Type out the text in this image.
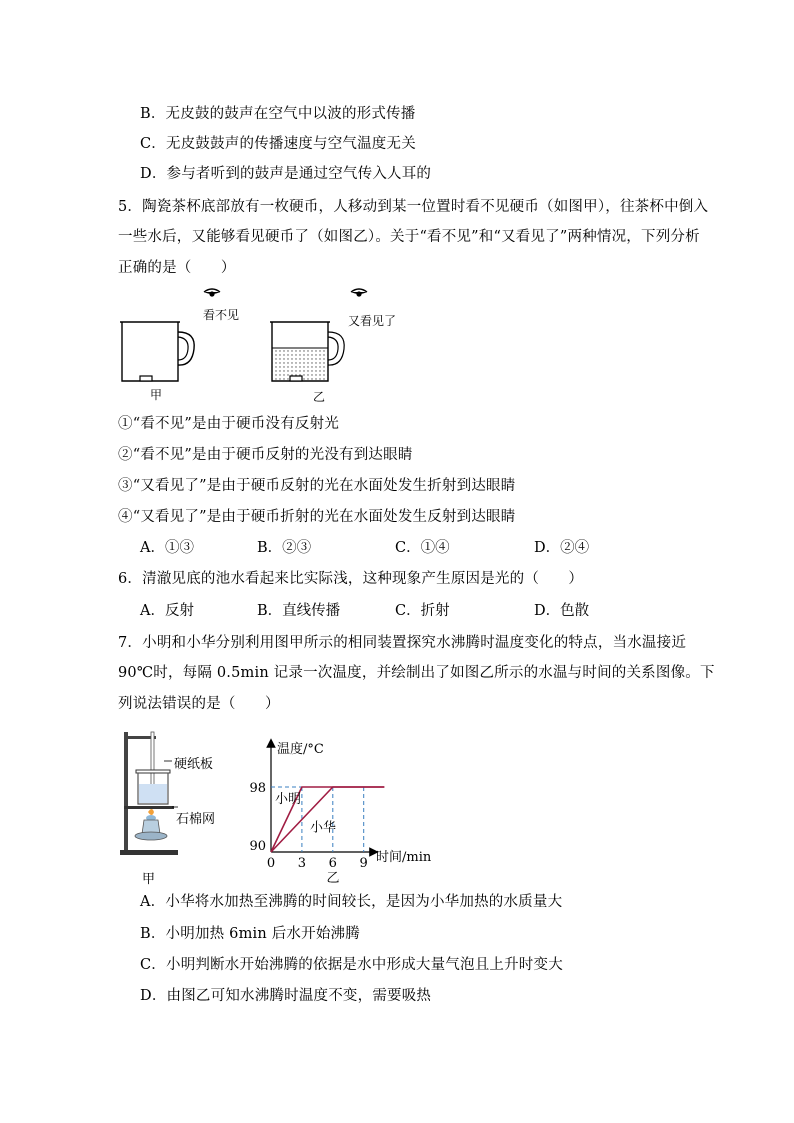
B．无皮鼓的鼓声在空气中以波的形式传播
C．无皮鼓鼓声的传播速度与空气温度无关
D．参与者听到的鼓声是通过空气传入人耳的
5．陶瓷茶杯底部放有一枚硬币，人移动到某一位置时看不见硬币（如图甲），往茶杯中倒入
一些水后，又能够看见硬币了（如图乙）。关于“看不见”和“又看见了”两种情况，下列分析
正确的是（　　）
看不见	又看见了
甲	乙
①“看不见”是由于硬币没有反射光
②“看不见”是由于硬币反射的光没有到达眼睛
③“又看见了”是由于硬币反射的光在水面处发生折射到达眼睛
④“又看见了”是由于硬币折射的光在水面处发生反射到达眼睛
A．①③	B．②③	C．①④	D．②④
6．清澈见底的池水看起来比实际浅，这种现象产生原因是光的（　　）
A．反射	B．直线传播	C．折射	D．色散
7．小明和小华分别利用图甲所示的相同装置探究水沸腾时温度变化的特点，当水温接近
90℃时，每隔 0.5min 记录一次温度，并绘制出了如图乙所示的水温与时间的关系图像。下
列说法错误的是（　　）
硬纸板
石棉网
甲
0 3 6 9
90
98
温度/°C
时间/min
小明
小华
乙
A．小华将水加热至沸腾的时间较长，是因为小华加热的水质量大
B．小明加热 6min 后水开始沸腾
C．小明判断水开始沸腾的依据是水中形成大量气泡且上升时变大
D．由图乙可知水沸腾时温度不变，需要吸热
